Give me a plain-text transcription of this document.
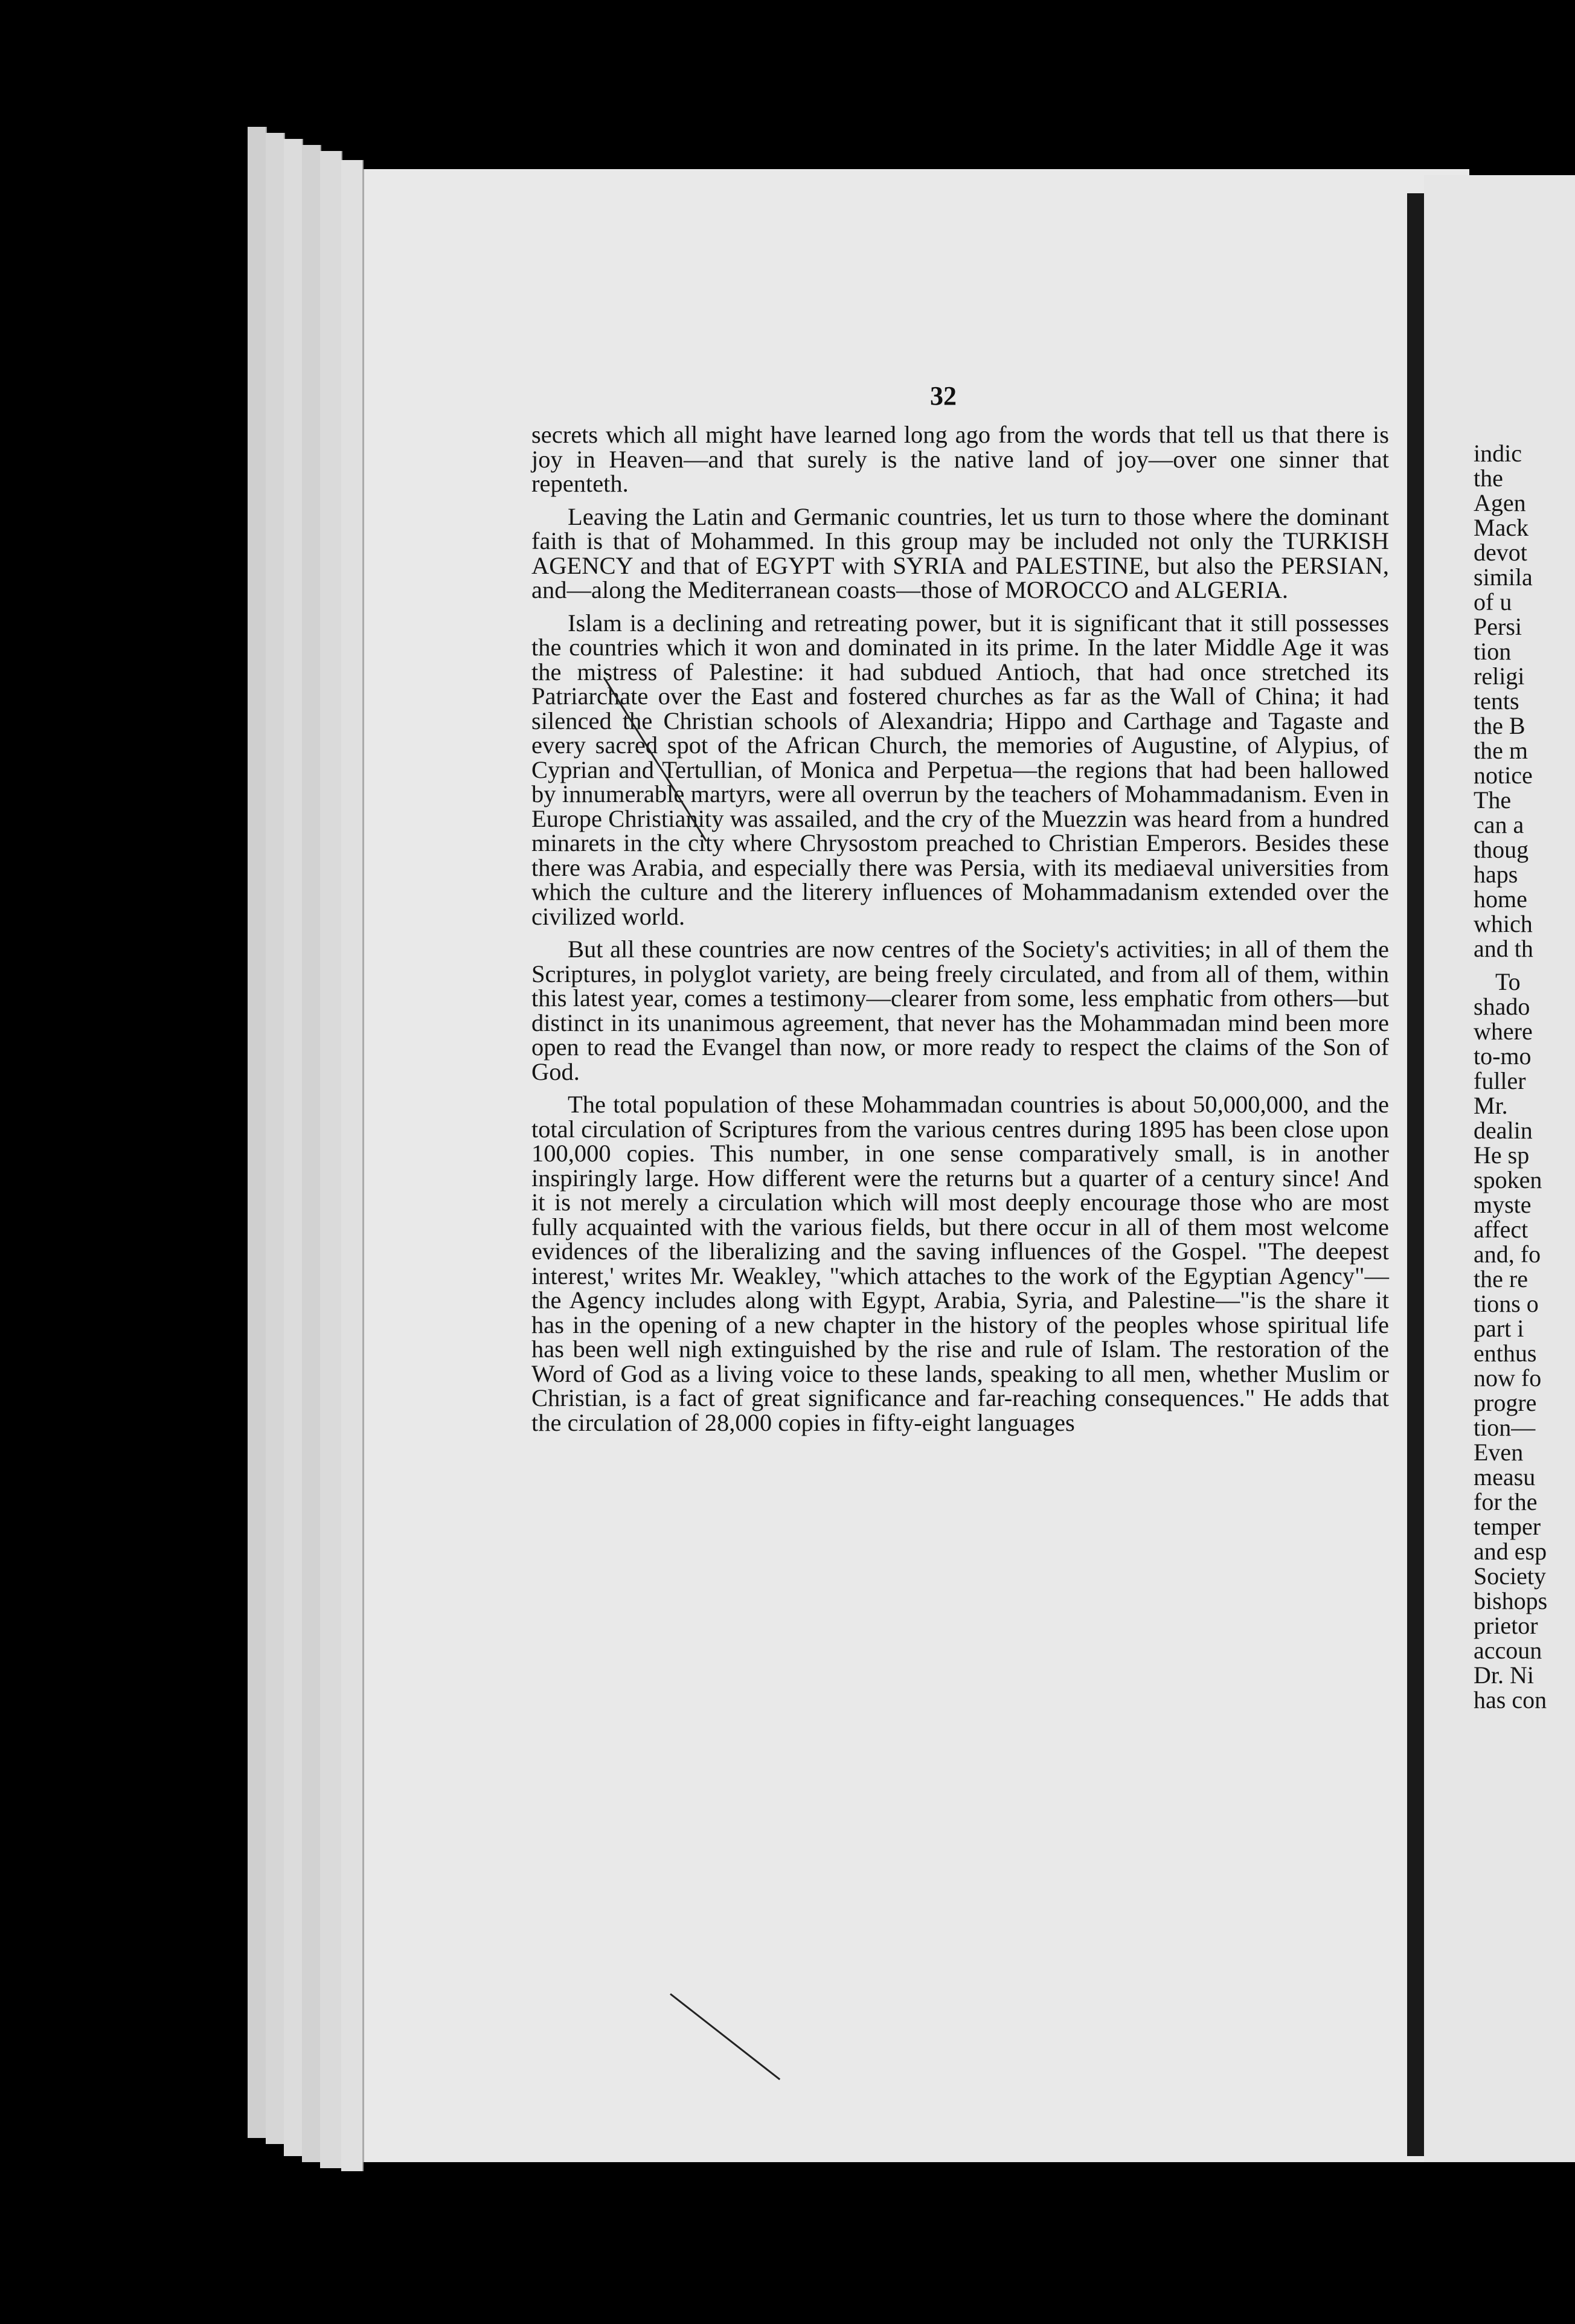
32

secrets which all might have learned long ago from the words that tell us that there is joy in Heaven—and that surely is the native land of joy—over one sinner that repenteth.

Leaving the Latin and Germanic countries, let us turn to those where the dominant faith is that of Mohammed. In this group may be included not only the TURKISH AGENCY and that of EGYPT with SYRIA and PALESTINE, but also the PERSIAN, and—along the Mediterranean coasts—those of MOROCCO and ALGERIA.

Islam is a declining and retreating power, but it is significant that it still possesses the countries which it won and dominated in its prime. In the later Middle Age it was the mistress of Palestine: it had subdued Antioch, that had once stretched its Patriarchate over the East and fostered churches as far as the Wall of China; it had silenced the Christian schools of Alexandria; Hippo and Carthage and Tagaste and every sacred spot of the African Church, the memories of Augustine, of Alypius, of Cyprian and Tertullian, of Monica and Perpetua—the regions that had been hallowed by innumerable martyrs, were all overrun by the teachers of Mohammadanism. Even in Europe Christianity was assailed, and the cry of the Muezzin was heard from a hundred minarets in the city where Chrysostom preached to Christian Emperors. Besides these there was Arabia, and especially there was Persia, with its mediaeval universities from which the culture and the literery influences of Mohammadanism extended over the civilized world.

But all these countries are now centres of the Society's activities; in all of them the Scriptures, in polyglot variety, are being freely circulated, and from all of them, within this latest year, comes a testimony—clearer from some, less emphatic from others—but distinct in its unanimous agreement, that never has the Mohammadan mind been more open to read the Evangel than now, or more ready to respect the claims of the Son of God.

The total population of these Mohammadan countries is about 50,000,000, and the total circulation of Scriptures from the various centres during 1895 has been close upon 100,000 copies. This number, in one sense comparatively small, is in another inspiringly large. How different were the returns but a quarter of a century since! And it is not merely a circulation which will most deeply encourage those who are most fully acquainted with the various fields, but there occur in all of them most welcome evidences of the liberalizing and the saving influences of the Gospel. "The deepest interest,' writes Mr. Weakley, "which attaches to the work of the Egyptian Agency"—the Agency includes along with Egypt, Arabia, Syria, and Palestine—"is the share it has in the opening of a new chapter in the history of the peoples whose spiritual life has been well nigh extinguished by the rise and rule of Islam. The restoration of the Word of God as a living voice to these lands, speaking to all men, whether Muslim or Christian, is a fact of great significance and far-reaching consequences." He adds that the circulation of 28,000 copies in fifty-eight languages

indic
the
Agen
Mack
devot
simila
of u
Persi
tion
religi
tents
the B
the m
notice
The
can a
thoug
haps
home
which
and th
To
shado
where
to-mo
fuller
Mr.
dealin
He sp
spoken
myste
affect
and, fo
the re
tions o
part i
enthus
now fo
progre
tion—
Even
measu
for the
temper
and esp
Society
bishops
prietor
accoun
Dr. Ni
has con
